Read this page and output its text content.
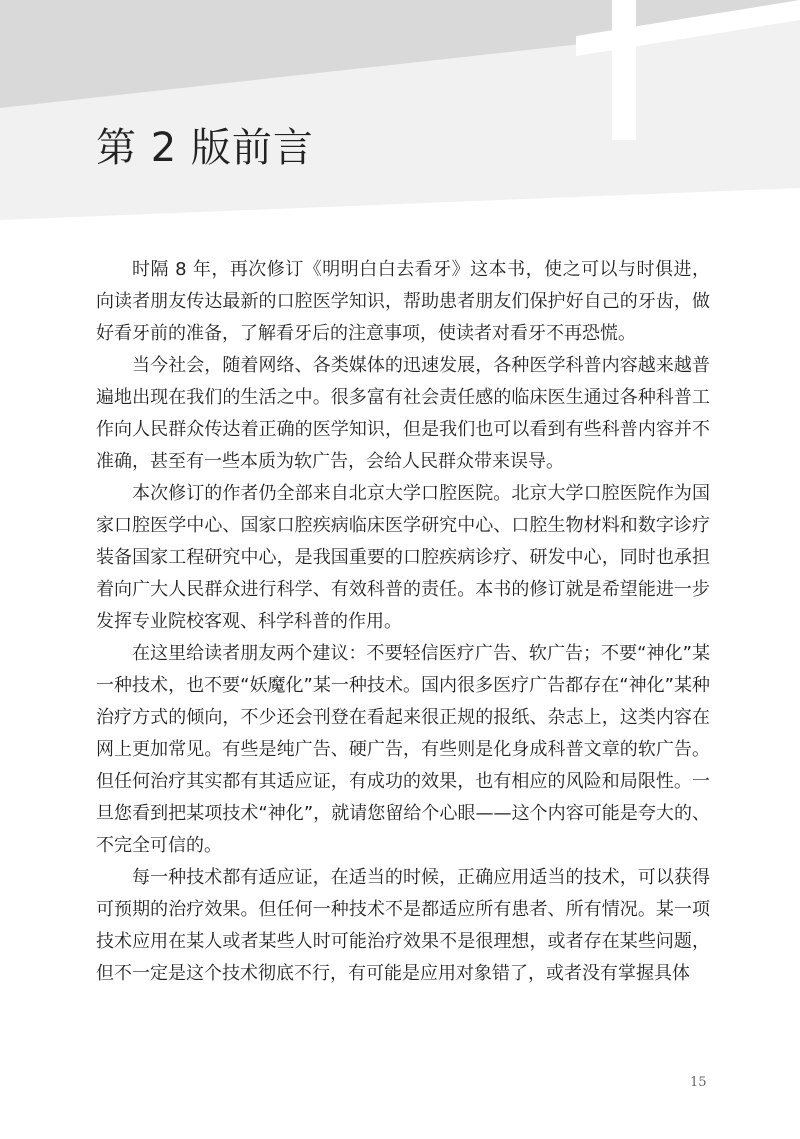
第 2 版前言

时隔 8 年，再次修订《明明白白去看牙》这本书，使之可以与时俱进，向读者朋友传达最新的口腔医学知识，帮助患者朋友们保护好自己的牙齿，做好看牙前的准备，了解看牙后的注意事项，使读者对看牙不再恐慌。

当今社会，随着网络、各类媒体的迅速发展，各种医学科普内容越来越普遍地出现在我们的生活之中。很多富有社会责任感的临床医生通过各种科普工作向人民群众传达着正确的医学知识，但是我们也可以看到有些科普内容并不准确，甚至有一些本质为软广告，会给人民群众带来误导。

本次修订的作者仍全部来自北京大学口腔医院。北京大学口腔医院作为国家口腔医学中心、国家口腔疾病临床医学研究中心、口腔生物材料和数字诊疗装备国家工程研究中心，是我国重要的口腔疾病诊疗、研发中心，同时也承担着向广大人民群众进行科学、有效科普的责任。本书的修订就是希望能进一步发挥专业院校客观、科学科普的作用。

在这里给读者朋友两个建议：不要轻信医疗广告、软广告；不要“神化”某一种技术，也不要“妖魔化”某一种技术。国内很多医疗广告都存在“神化”某种治疗方式的倾向，不少还会刊登在看起来很正规的报纸、杂志上，这类内容在网上更加常见。有些是纯广告、硬广告，有些则是化身成科普文章的软广告。但任何治疗其实都有其适应证，有成功的效果，也有相应的风险和局限性。一旦您看到把某项技术“神化”，就请您留给个心眼——这个内容可能是夸大的、不完全可信的。

每一种技术都有适应证，在适当的时候，正确应用适当的技术，可以获得可预期的治疗效果。但任何一种技术不是都适应所有患者、所有情况。某一项技术应用在某人或者某些人时可能治疗效果不是很理想，或者存在某些问题，但不一定是这个技术彻底不行，有可能是应用对象错了，或者没有掌握具体

15
